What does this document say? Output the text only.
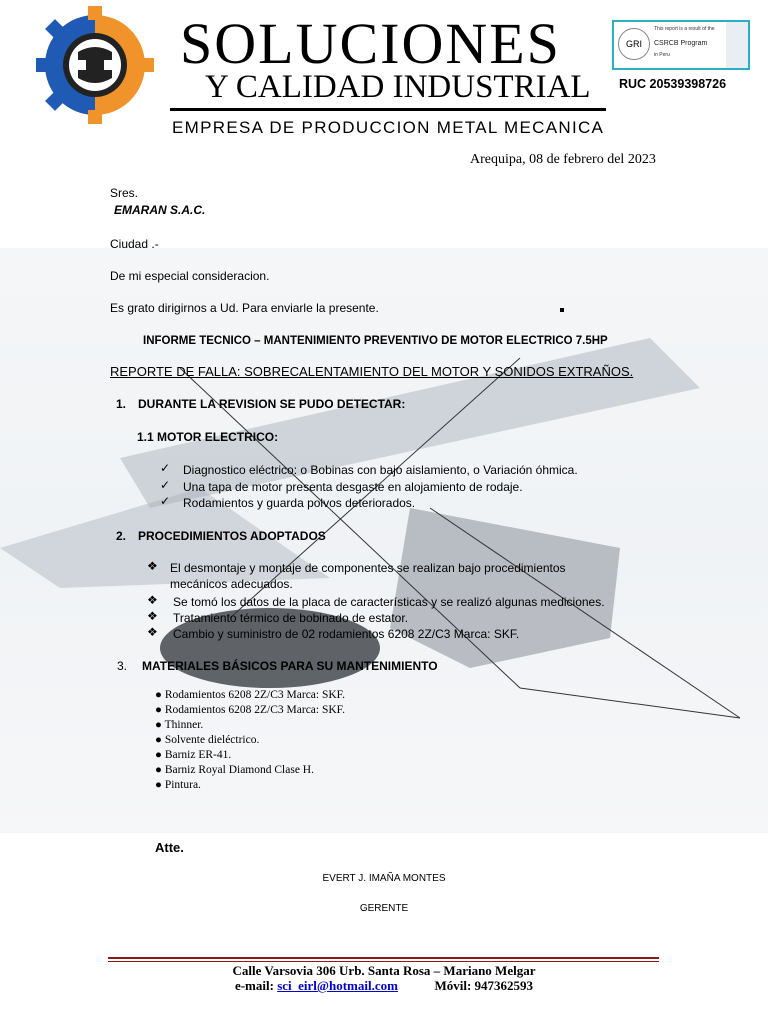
SOLUCIONES
Y CALIDAD INDUSTRIAL
EMPRESA DE PRODUCCION METAL MECANICA
GRI
This report is a result of the
CSRCB Program
in Peru
RUC 20539398726
Arequipa, 08 de febrero del 2023
Sres.
EMARAN S.A.C.
Ciudad .-
De mi especial consideracion.
Es grato dirigirnos a Ud. Para enviarle la presente.
INFORME TECNICO – MANTENIMIENTO PREVENTIVO DE MOTOR ELECTRICO 7.5HP
REPORTE DE FALLA: SOBRECALENTAMIENTO DEL MOTOR Y SONIDOS EXTRAÑOS.
1. DURANTE LA REVISION SE PUDO DETECTAR:
1.1 MOTOR ELECTRICO:
✓ Diagnostico eléctrico: o Bobinas con bajo aislamiento, o Variación óhmica.
✓ Una tapa de motor presenta desgaste en alojamiento de rodaje.
✓ Rodamientos y guarda polvos deteriorados.
2. PROCEDIMIENTOS ADOPTADOS
❖ El desmontaje y montaje de componentes se realizan bajo procedimientos
mecánicos adecuados.
❖ Se tomó los datos de la placa de características y se realizó algunas mediciones.
❖ Tratamiento térmico de bobinado de estator.
❖ Cambio y suministro de 02 rodamientos 6208 2Z/C3 Marca: SKF.
3. MATERIALES BÁSICOS PARA SU MANTENIMIENTO
● Rodamientos 6208 2Z/C3 Marca: SKF.
● Rodamientos 6208 2Z/C3 Marca: SKF.
● Thinner.
● Solvente dieléctrico.
● Barniz ER-41.
● Barniz Royal Diamond Clase H.
● Pintura.
Atte.
EVERT J. IMAÑA MONTES
GERENTE
Calle Varsovia 306 Urb. Santa Rosa – Mariano Melgar
e-mail: sci_eirl@hotmail.com	Móvil: 947362593
